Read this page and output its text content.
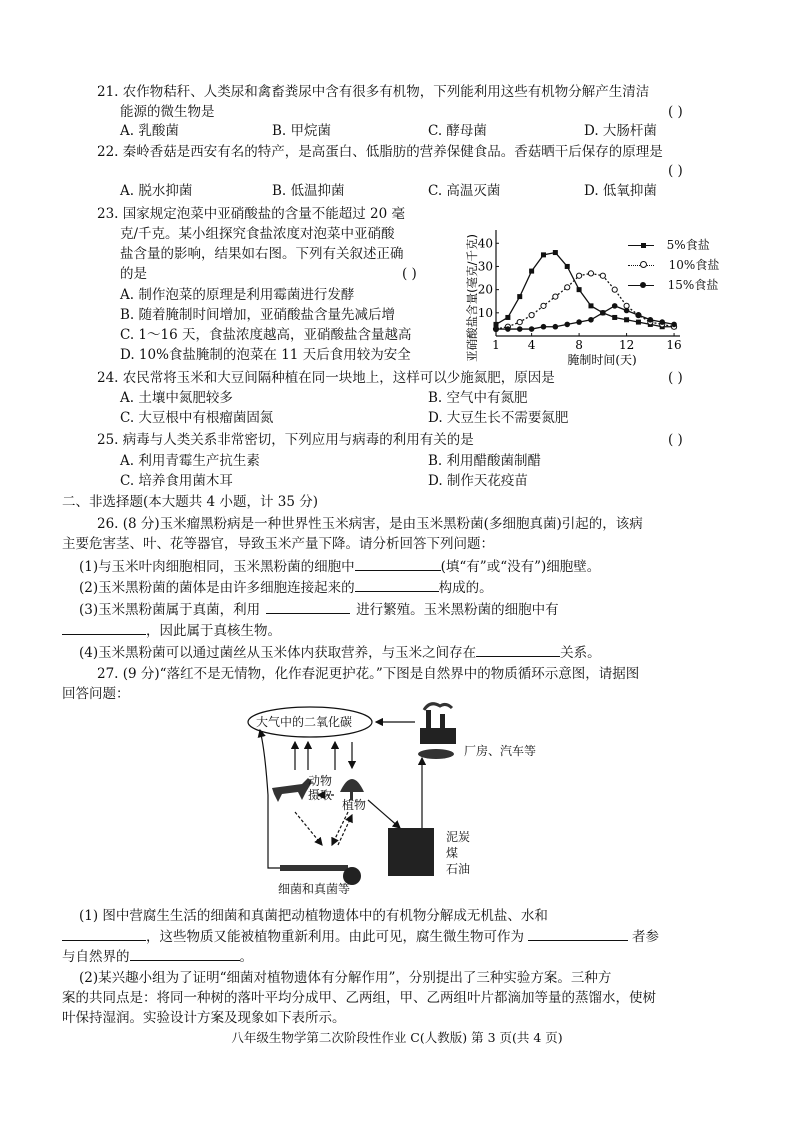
21. 农作物秸秆、人类尿和禽畜粪尿中含有很多有机物，下列能利用这些有机物分解产生清洁
能源的微生物是	( )
A. 乳酸菌	B. 甲烷菌	C. 酵母菌	D. 大肠杆菌
22. 秦岭香菇是西安有名的特产，是高蛋白、低脂肪的营养保健食品。香菇晒干后保存的原理是
( )
A. 脱水抑菌	B. 低温抑菌	C. 高温灭菌	D. 低氧抑菌
23. 国家规定泡菜中亚硝酸盐的含量不能超过 20 毫
克/千克。某小组探究食盐浓度对泡菜中亚硝酸
盐含量的影响，结果如右图。下列有关叙述正确
的是	( )
A. 制作泡菜的原理是利用霉菌进行发酵
B. 随着腌制时间增加，亚硝酸盐含量先减后增
C. 1～16 天，食盐浓度越高，亚硝酸盐含量越高
D. 10%食盐腌制的泡菜在 11 天后食用较为安全	亚硝酸盐含量(毫克/千克)	腌制时间(天)
1 4	8	12	16
10
20
30
40	5%食盐
10%食盐
15%食盐
24. 农民常将玉米和大豆间隔种植在同一块地上，这样可以少施氮肥，原因是	( )
A. 土壤中氮肥较多	B. 空气中有氮肥
C. 大豆根中有根瘤菌固氮	D. 大豆生长不需要氮肥
25. 病毒与人类关系非常密切，下列应用与病毒的利用有关的是	( )
A. 利用青霉生产抗生素	B. 利用醋酸菌制醋
C. 培养食用菌木耳	D. 制作天花疫苗
二、非选择题(本大题共 4 小题，计 35 分)
26. (8 分)玉米瘤黑粉病是一种世界性玉米病害，是由玉米黑粉菌(多细胞真菌)引起的，该病
主要危害茎、叶、花等器官，导致玉米产量下降。请分析回答下列问题：
(1)与玉米叶肉细胞相同，玉米黑粉菌的细胞中	(填“有”或“没有”)细胞壁。
(2)玉米黑粉菌的菌体是由许多细胞连接起来的	构成的。
(3)玉米黑粉菌属于真菌，利用	进行繁殖。玉米黑粉菌的细胞中有
，因此属于真核生物。
(4)玉米黑粉菌可以通过菌丝从玉米体内获取营养，与玉米之间存在	关系。
27. (9 分)“落红不是无情物，化作春泥更护花。”下图是自然界中的物质循环示意图，请据图
回答问题：
大气中的二氧化碳
厂房、汽车等
动物
摄取
植物
泥炭
煤
石油
细菌和真菌等
(1) 图中营腐生生活的细菌和真菌把动植物遗体中的有机物分解成无机盐、水和
，这些物质又能被植物重新利用。由此可见，腐生微生物可作为	者参
与自然界的	。
(2)某兴趣小组为了证明“细菌对植物遗体有分解作用”，分别提出了三种实验方案。三种方
案的共同点是：将同一种树的落叶平均分成甲、乙两组，甲、乙两组叶片都滴加等量的蒸馏水，使树
叶保持湿润。实验设计方案及现象如下表所示。
八年级生物学第二次阶段性作业 C(人教版) 第 3 页(共 4 页)
